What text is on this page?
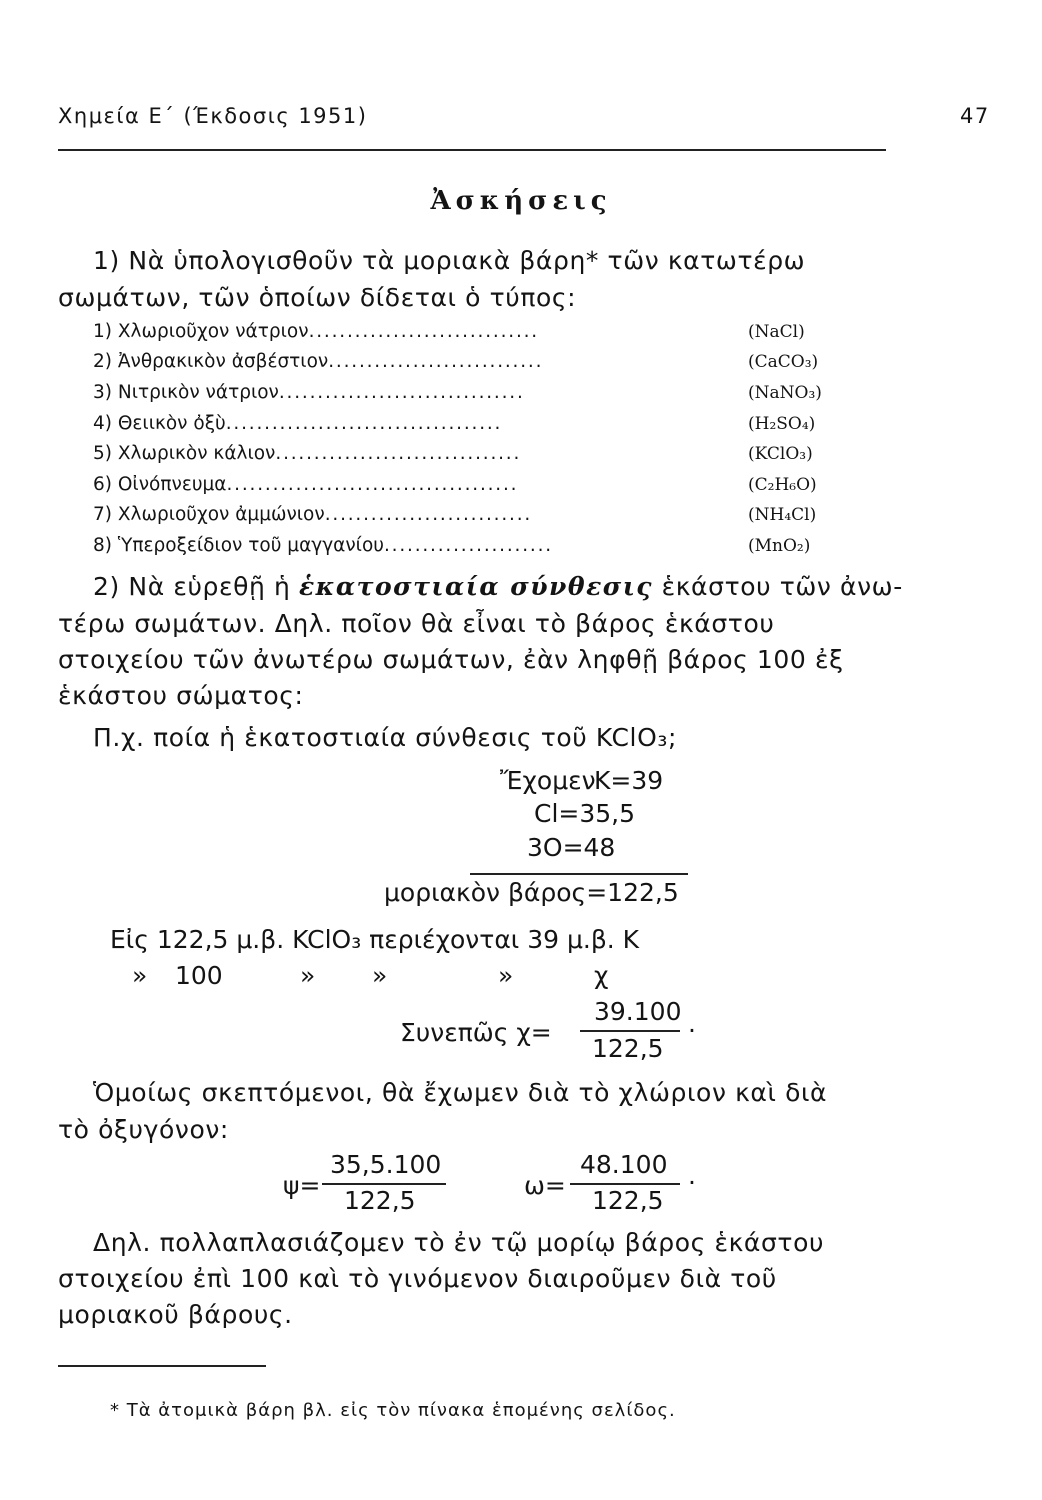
Χημεία Ε΄ (Έκδοσις 1951)	47
Ἀσκήσεις
1) Νὰ ὑπολογισθοῦν τὰ μοριακὰ βάρη* τῶν κατωτέρω
σωμάτων, τῶν ὁποίων δίδεται ὁ τύπος:
1) Χλωριοῦχον νάτριον..............................	(NaCl)
2) Ἀνθρακικὸν ἀσβέστιον............................	(CaCO₃)
3) Νιτρικὸν νάτριον................................	(NaNO₃)
4) Θειικὸν ὀξὺ....................................	(H₂SO₄)
5) Χλωρικὸν κάλιον................................	(KClO₃)
6) Οἰνόπνευμα......................................	(C₂H₆O)
7) Χλωριοῦχον ἀμμώνιον...........................	(NH₄Cl)
8) Ὑπεροξείδιον τοῦ μαγγανίου......................	(MnO₂)
2) Νὰ εὑρεθῇ ἡ ἑκατοστιαία σύνθεσις ἑκάστου τῶν ἀνω-
τέρω σωμάτων. Δηλ. ποῖον θὰ εἶναι τὸ βάρος ἑκάστου
στοιχείου τῶν ἀνωτέρω σωμάτων, ἐὰν ληφθῇ βάρος 100 ἐξ
ἑκάστου σώματος:
Π.χ. ποία ἡ ἑκατοστιαία σύνθεσις τοῦ KClO₃;
Ἔχομεν
K=39
Cl=35,5
3O=48
μοριακὸν βάρος=122,5
Εἰς 122,5 μ.β. KClO₃ περιέχονται 39 μ.β. K
» 100	» »	»	χ
Συνεπῶς χ=
39.100
122,5
·
Ὁμοίως σκεπτόμενοι, θὰ ἔχωμεν διὰ τὸ χλώριον καὶ διὰ
τὸ ὀξυγόνον:
ψ=
35,5.100
122,5
ω=
48.100
122,5
·
Δηλ. πολλαπλασιάζομεν τὸ ἐν τῷ μορίῳ βάρος ἑκάστου
στοιχείου ἐπὶ 100 καὶ τὸ γινόμενον διαιροῦμεν διὰ τοῦ
μοριακοῦ βάρους.
* Τὰ ἀτομικὰ βάρη βλ. εἰς τὸν πίνακα ἑπομένης σελίδος.
